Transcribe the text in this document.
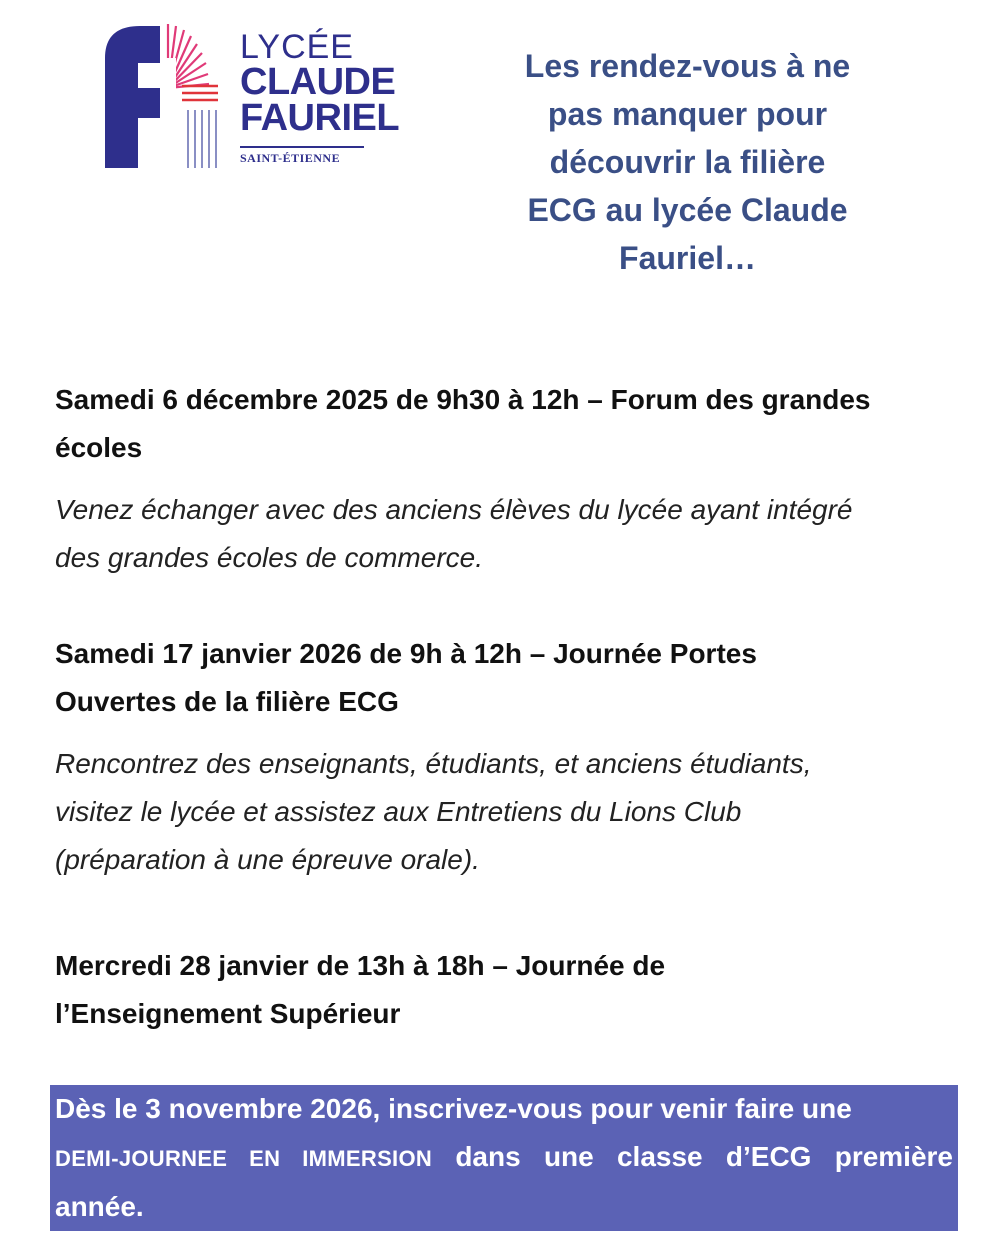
LYCÉE
CLAUDE
FAURIEL
SAINT-ÉTIENNE
Les rendez-vous à ne
pas manquer pour
découvrir la filière
ECG au lycée Claude
Fauriel…
Samedi 6 décembre 2025 de 9h30 à 12h – Forum des grandes
écoles
Venez échanger avec des anciens élèves du lycée ayant intégré
des grandes écoles de commerce.
Samedi 17 janvier 2026 de 9h à 12h – Journée Portes
Ouvertes de la filière ECG
Rencontrez des enseignants, étudiants, et anciens étudiants,
visitez le lycée et assistez aux Entretiens du Lions Club
(préparation à une épreuve orale).
Mercredi 28 janvier de 13h à 18h – Journée de
l’Enseignement Supérieur
Dès le 3 novembre 2026, inscrivez-vous pour venir faire une
DEMI-JOURNEE EN IMMERSION dans une classe d’ECG première
année.
